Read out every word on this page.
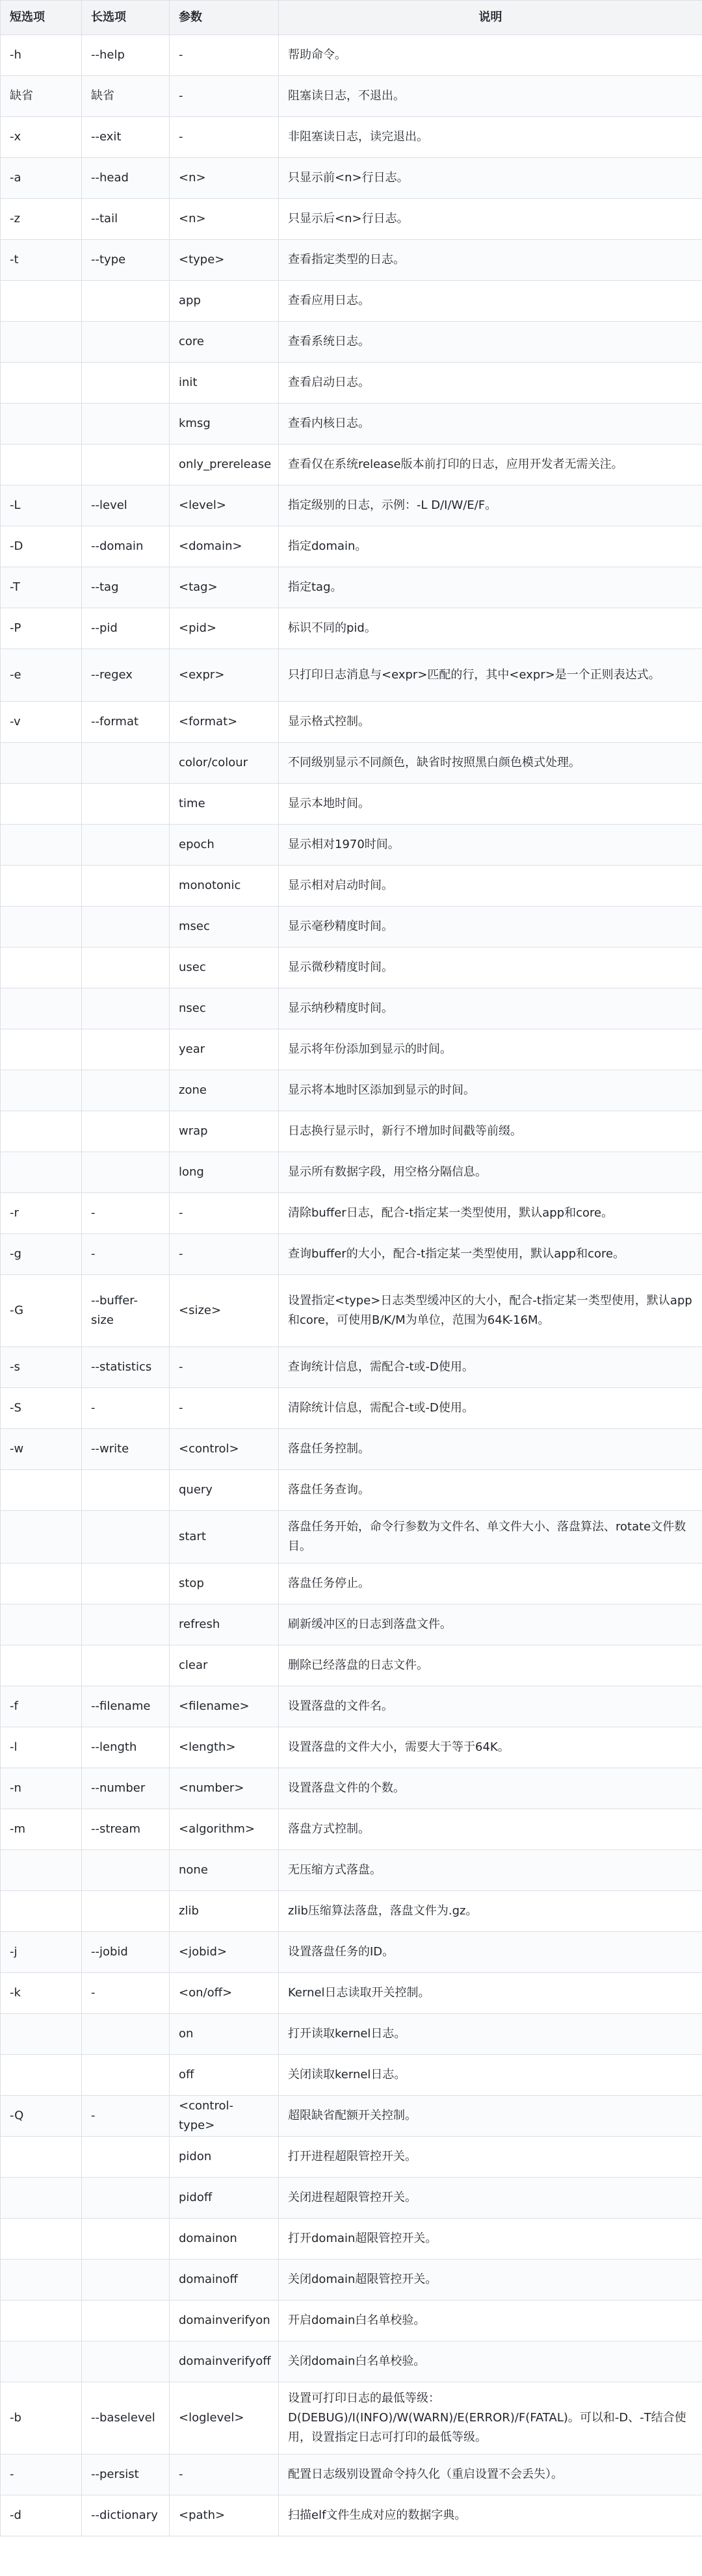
短选项	长选项	参数	说明
-h	--help	-	帮助命令。
缺省	缺省	-	阻塞读日志，不退出。
-x	--exit	-	非阻塞读日志，读完退出。
-a	--head	<n>	只显示前<n>行日志。
-z	--tail	<n>	只显示后<n>行日志。
-t	--type	<type>	查看指定类型的日志。
		app	查看应用日志。
		core	查看系统日志。
		init	查看启动日志。
		kmsg	查看内核日志。
		only_prerelease	查看仅在系统release版本前打印的日志，应用开发者无需关注。
-L	--level	<level>	指定级别的日志，示例：-L D/I/W/E/F。
-D	--domain	<domain>	指定domain。
-T	--tag	<tag>	指定tag。
-P	--pid	<pid>	标识不同的pid。
-e	--regex	<expr>	只打印日志消息与<expr>匹配的行，其中<expr>是一个正则表达式。
-v	--format	<format>	显示格式控制。
		color/colour	不同级别显示不同颜色，缺省时按照黑白颜色模式处理。
		time	显示本地时间。
		epoch	显示相对1970时间。
		monotonic	显示相对启动时间。
		msec	显示毫秒精度时间。
		usec	显示微秒精度时间。
		nsec	显示纳秒精度时间。
		year	显示将年份添加到显示的时间。
		zone	显示将本地时区添加到显示的时间。
		wrap	日志换行显示时，新行不增加时间戳等前缀。
		long	显示所有数据字段，用空格分隔信息。
-r	-	-	清除buffer日志，配合-t指定某一类型使用，默认app和core。
-g	-	-	查询buffer的大小，配合-t指定某一类型使用，默认app和core。
-G	--buffer-size	<size>	设置指定<type>日志类型缓冲区的大小，配合-t指定某一类型使用，默认app和core，可使用B/K/M为单位，范围为64K-16M。
-s	--statistics	-	查询统计信息，需配合-t或-D使用。
-S	-	-	清除统计信息，需配合-t或-D使用。
-w	--write	<control>	落盘任务控制。
		query	落盘任务查询。
		start	落盘任务开始，命令行参数为文件名、单文件大小、落盘算法、rotate文件数目。
		stop	落盘任务停止。
		refresh	刷新缓冲区的日志到落盘文件。
		clear	删除已经落盘的日志文件。
-f	--filename	<filename>	设置落盘的文件名。
-l	--length	<length>	设置落盘的文件大小，需要大于等于64K。
-n	--number	<number>	设置落盘文件的个数。
-m	--stream	<algorithm>	落盘方式控制。
		none	无压缩方式落盘。
		zlib	zlib压缩算法落盘，落盘文件为.gz。
-j	--jobid	<jobid>	设置落盘任务的ID。
-k	-	<on/off>	Kernel日志读取开关控制。
		on	打开读取kernel日志。
		off	关闭读取kernel日志。
-Q	-	<control-type>	超限缺省配额开关控制。
		pidon	打开进程超限管控开关。
		pidoff	关闭进程超限管控开关。
		domainon	打开domain超限管控开关。
		domainoff	关闭domain超限管控开关。
		domainverifyon	开启domain白名单校验。
		domainverifyoff	关闭domain白名单校验。
-b	--baselevel	<loglevel>	设置可打印日志的最低等级：D(DEBUG)/I(INFO)/W(WARN)/E(ERROR)/F(FATAL)。可以和-D、-T结合使用，设置指定日志可打印的最低等级。
-	--persist	-	配置日志级别设置命令持久化（重启设置不会丢失）。
-d	--dictionary	<path>	扫描elf文件生成对应的数据字典。
